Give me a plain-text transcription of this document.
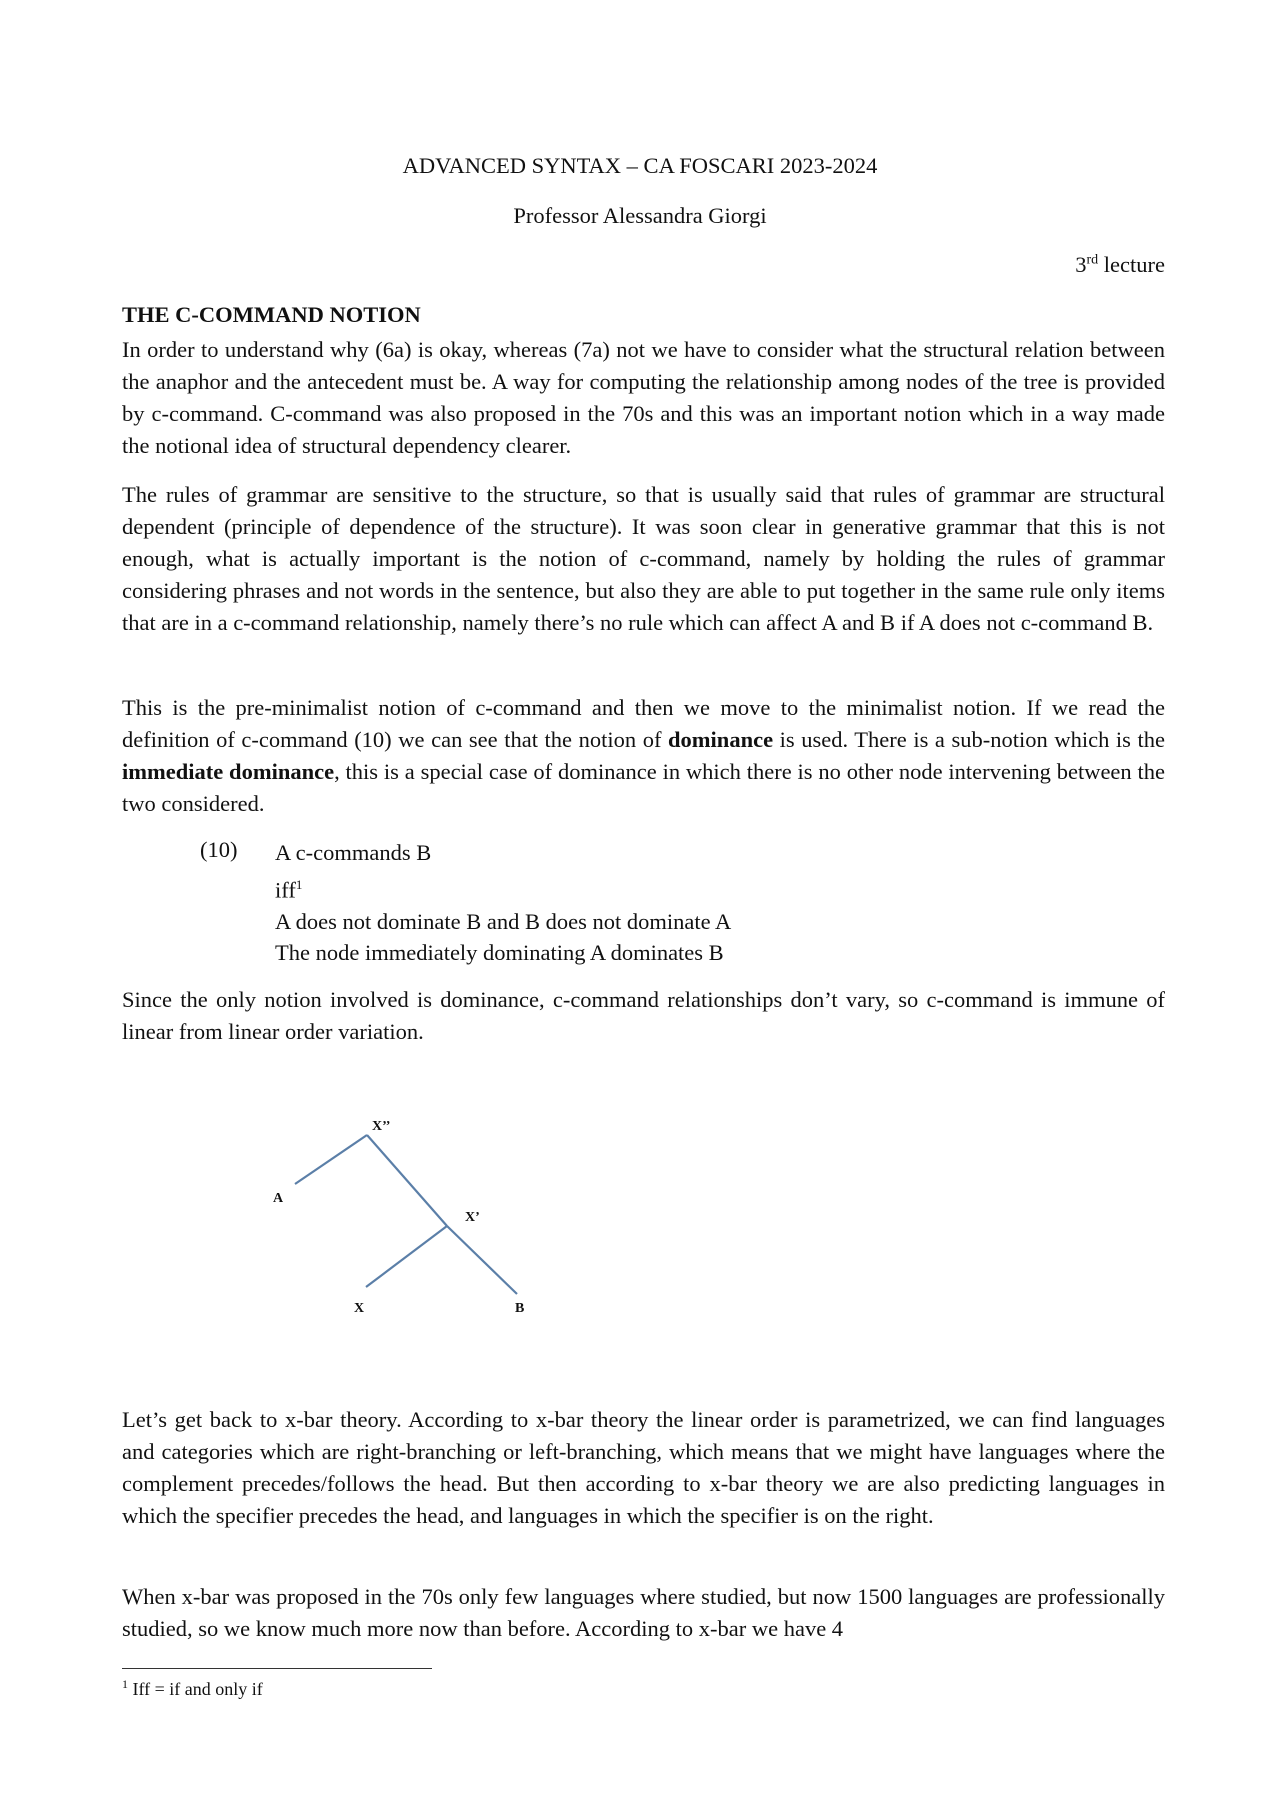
ADVANCED SYNTAX – CA FOSCARI 2023-2024
Professor Alessandra Giorgi
3rd lecture
THE C-COMMAND NOTION
In order to understand why (6a) is okay, whereas (7a) not we have to consider what the structural relation between the anaphor and the antecedent must be. A way for computing the relationship among nodes of the tree is provided by c-command. C-command was also proposed in the 70s and this was an important notion which in a way made the notional idea of structural dependency clearer.
The rules of grammar are sensitive to the structure, so that is usually said that rules of grammar are structural dependent (principle of dependence of the structure). It was soon clear in generative grammar that this is not enough, what is actually important is the notion of c-command, namely by holding the rules of grammar considering phrases and not words in the sentence, but also they are able to put together in the same rule only items that are in a c-command relationship, namely there’s no rule which can affect A and B if A does not c-command B.
This is the pre-minimalist notion of c-command and then we move to the minimalist notion. If we read the definition of c-command (10) we can see that the notion of dominance is used. There is a sub-notion which is the immediate dominance, this is a special case of dominance in which there is no other node intervening between the two considered.
(10) A c-commands B
iff$^1$
A does not dominate B and B does not dominate A
The node immediately dominating A dominates B
Since the only notion involved is dominance, c-command relationships don’t vary, so c-command is immune of linear from linear order variation.
X’’
A
X’
X	B
Let’s get back to x-bar theory. According to x-bar theory the linear order is parametrized, we can find languages and categories which are right-branching or left-branching, which means that we might have languages where the complement precedes/follows the head. But then according to x-bar theory we are also predicting languages in which the specifier precedes the head, and languages in which the specifier is on the right.
When x-bar was proposed in the 70s only few languages where studied, but now 1500 languages are professionally studied, so we know much more now than before. According to x-bar we have 4
$^1$ Iff = if and only if
